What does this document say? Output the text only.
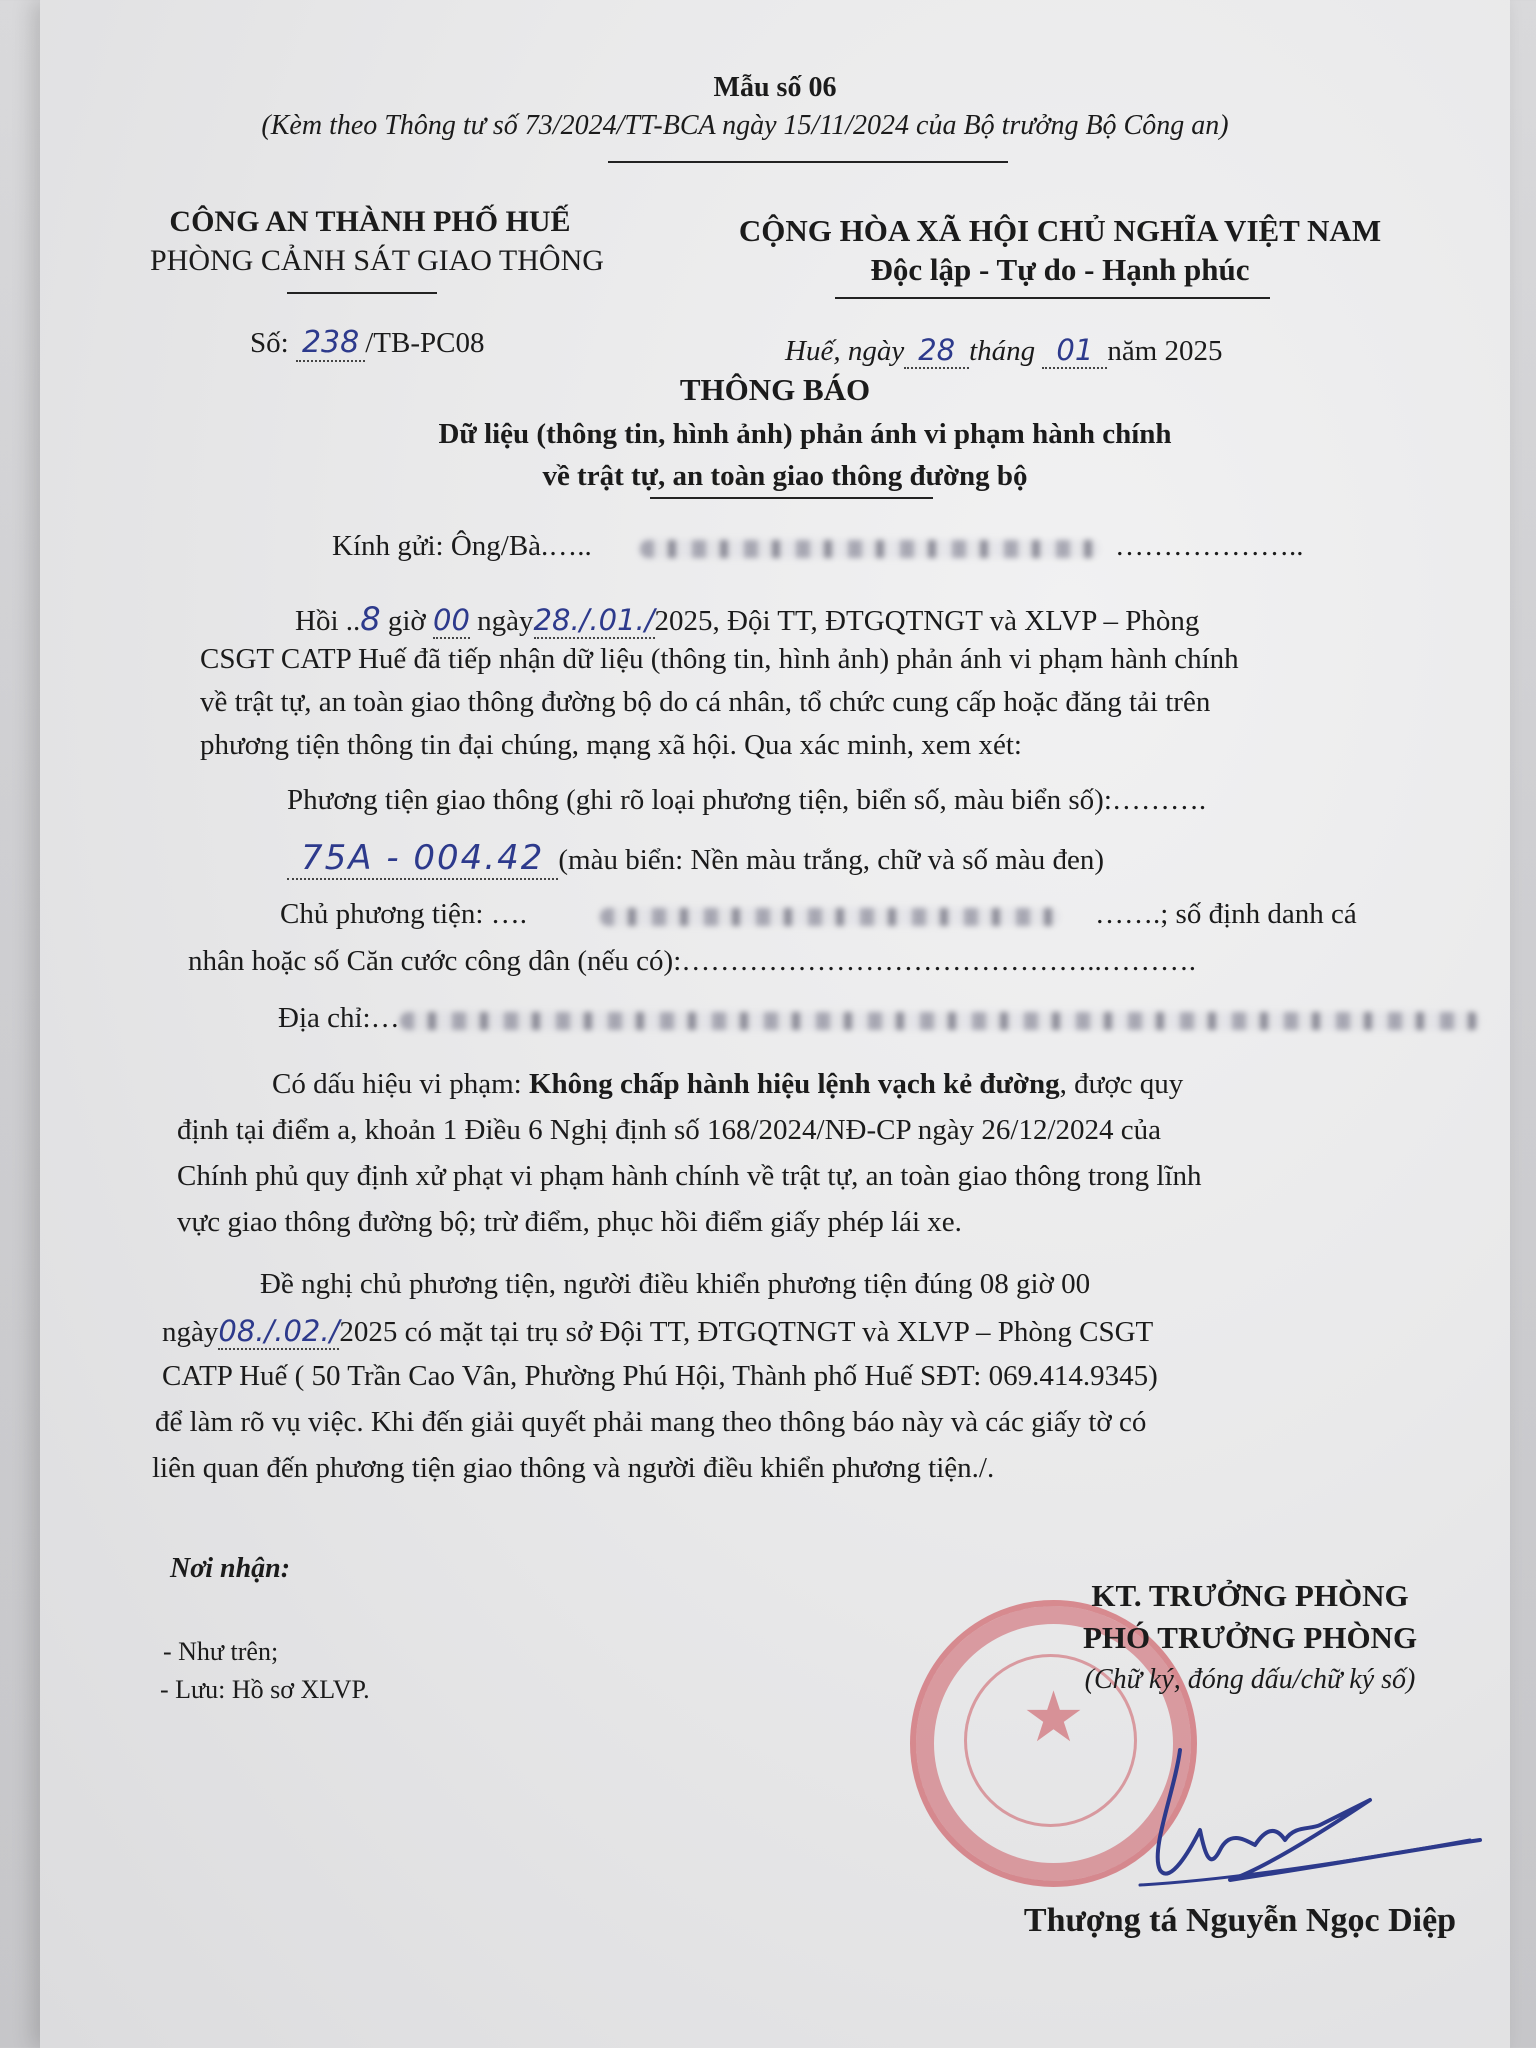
Mẫu số 06
(Kèm theo Thông tư số 73/2024/TT-BCA ngày 15/11/2024 của Bộ trưởng Bộ Công an)
CÔNG AN THÀNH PHỐ HUẾ
PHÒNG CẢNH SÁT GIAO THÔNG
Số: 238 /TB-PC08
CỘNG HÒA XÃ HỘI CHỦ NGHĨA VIỆT NAM
Độc lập - Tự do - Hạnh phúc
Huế, ngày 28 tháng 01 năm 2025
THÔNG BÁO
Dữ liệu (thông tin, hình ảnh) phản ánh vi phạm hành chính
về trật tự, an toàn giao thông đường bộ
Kính gửi: Ông/Bà.…..	………………..
Hồi ..8 giờ 00 ngày28./.01./2025, Đội TT, ĐTGQTNGT và XLVP – Phòng
CSGT CATP Huế đã tiếp nhận dữ liệu (thông tin, hình ảnh) phản ánh vi phạm hành chính
về trật tự, an toàn giao thông đường bộ do cá nhân, tổ chức cung cấp hoặc đăng tải trên
phương tiện thông tin đại chúng, mạng xã hội. Qua xác minh, xem xét:
Phương tiện giao thông (ghi rõ loại phương tiện, biển số, màu biển số):……….
75A - 004.42 (màu biển: Nền màu trắng, chữ và số màu đen)
Chủ phương tiện: ….	…….; số định danh cá
nhân hoặc số Căn cước công dân (nếu có):……………………………………..……….
Địa chỉ:…
Có dấu hiệu vi phạm: Không chấp hành hiệu lệnh vạch kẻ đường, được quy
định tại điểm a, khoản 1 Điều 6 Nghị định số 168/2024/NĐ-CP ngày 26/12/2024 của
Chính phủ quy định xử phạt vi phạm hành chính về trật tự, an toàn giao thông trong lĩnh
vực giao thông đường bộ; trừ điểm, phục hồi điểm giấy phép lái xe.
Đề nghị chủ phương tiện, người điều khiển phương tiện đúng 08 giờ 00
ngày08./.02./2025 có mặt tại trụ sở Đội TT, ĐTGQTNGT và XLVP – Phòng CSGT
CATP Huế ( 50 Trần Cao Vân, Phường Phú Hội, Thành phố Huế SĐT: 069.414.9345)
để làm rõ vụ việc. Khi đến giải quyết phải mang theo thông báo này và các giấy tờ có
liên quan đến phương tiện giao thông và người điều khiển phương tiện./.
Nơi nhận:
- Như trên;
- Lưu: Hồ sơ XLVP.	★
KT. TRƯỞNG PHÒNG
PHÓ TRƯỞNG PHÒNG
(Chữ ký, đóng dấu/chữ ký số)
Thượng tá Nguyễn Ngọc Diệp
